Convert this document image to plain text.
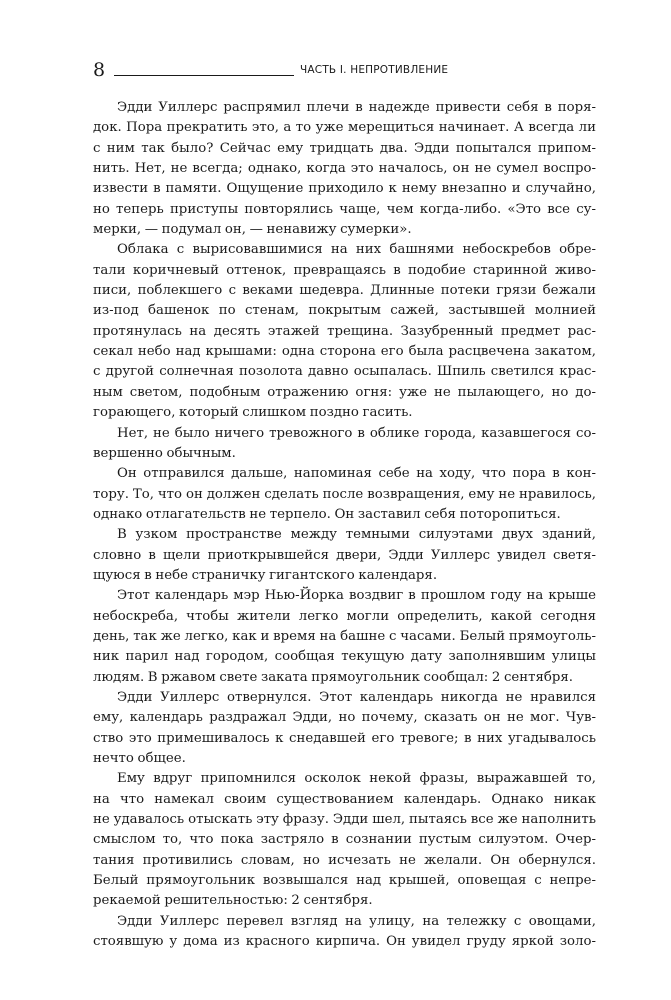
8	ЧАСТЬ I. НЕПРОТИВЛЕНИЕ
Эдди Уиллерс распрямил плечи в надежде привести себя в поря-
док. Пора прекратить это, а то уже мерещиться начинает. А всегда ли
с ним так было? Сейчас ему тридцать два. Эдди попытался припом-
нить. Нет, не всегда; однако, когда это началось, он не сумел воспро-
извести в памяти. Ощущение приходило к нему внезапно и случайно,
но теперь приступы повторялись чаще, чем когда-либо. «Это все су-
мерки, — подумал он, — ненавижу сумерки».
Облака с вырисовавшимися на них башнями небоскребов обре-
тали коричневый оттенок, превращаясь в подобие старинной живо-
писи, поблекшего с веками шедевра. Длинные потеки грязи бежали
из-под башенок по стенам, покрытым сажей, застывшей молнией
протянулась на десять этажей трещина. Зазубренный предмет рас-
секал небо над крышами: одна сторона его была расцвечена закатом,
с другой солнечная позолота давно осыпалась. Шпиль светился крас-
ным светом, подобным отражению огня: уже не пылающего, но до-
горающего, который слишком поздно гасить.
Нет, не было ничего тревожного в облике города, казавшегося со-
вершенно обычным.
Он отправился дальше, напоминая себе на ходу, что пора в кон-
тору. То, что он должен сделать после возвращения, ему не нравилось,
однако отлагательств не терпело. Он заставил себя поторопиться.
В узком пространстве между темными силуэтами двух зданий,
словно в щели приоткрывшейся двери, Эдди Уиллерс увидел светя-
щуюся в небе страничку гигантского календаря.
Этот календарь мэр Нью-Йорка воздвиг в прошлом году на крыше
небоскреба, чтобы жители легко могли определить, какой сегодня
день, так же легко, как и время на башне с часами. Белый прямоуголь-
ник парил над городом, сообщая текущую дату заполнявшим улицы
людям. В ржавом свете заката прямоугольник сообщал: 2 сентября.
Эдди Уиллерс отвернулся. Этот календарь никогда не нравился
ему, календарь раздражал Эдди, но почему, сказать он не мог. Чув-
ство это примешивалось к снедавшей его тревоге; в них угадывалось
нечто общее.
Ему вдруг припомнился осколок некой фразы, выражавшей то,
на что намекал своим существованием календарь. Однако никак
не удавалось отыскать эту фразу. Эдди шел, пытаясь все же наполнить
смыслом то, что пока застряло в сознании пустым силуэтом. Очер-
тания противились словам, но исчезать не желали. Он обернулся.
Белый прямоугольник возвышался над крышей, оповещая с непре-
рекаемой решительностью: 2 сентября.
Эдди Уиллерс перевел взгляд на улицу, на тележку с овощами,
стоявшую у дома из красного кирпича. Он увидел груду яркой золо-
